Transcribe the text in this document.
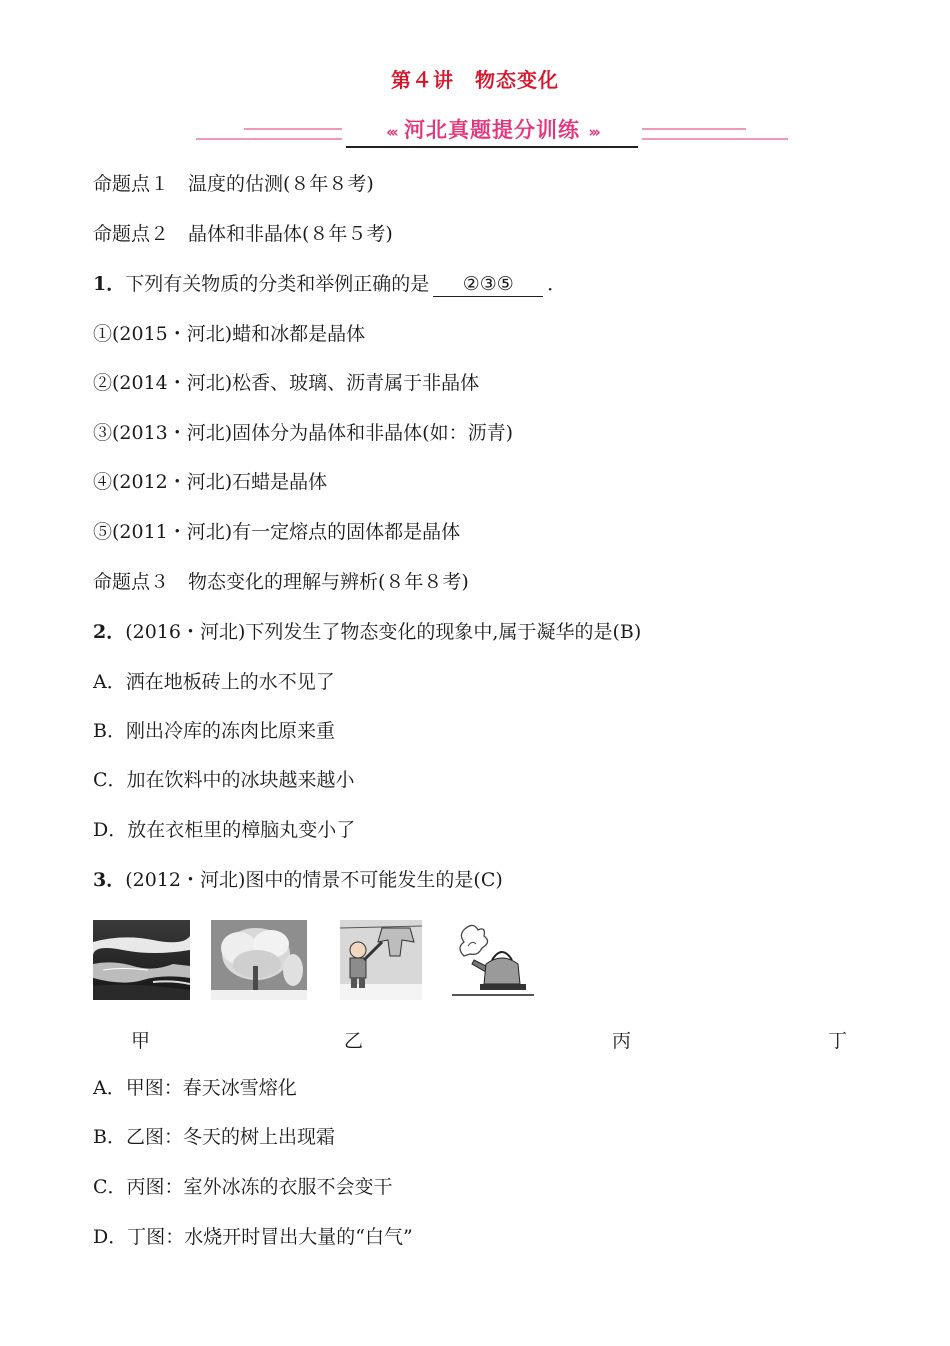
第４讲　物态变化
‹‹‹ 河北真题提分训练 ›››
命题点１　温度的估测(８年８考)
命题点２　晶体和非晶体(８年５考)
1．下列有关物质的分类和举例正确的是 ②③⑤ ．
①(2015・河北)蜡和冰都是晶体
②(2014・河北)松香、玻璃、沥青属于非晶体
③(2013・河北)固体分为晶体和非晶体(如：沥青)
④(2012・河北)石蜡是晶体
⑤(2011・河北)有一定熔点的固体都是晶体
命题点３　物态变化的理解与辨析(８年８考)
2．(2016・河北)下列发生了物态变化的现象中,属于凝华的是(B)
A．洒在地板砖上的水不见了
B．刚出冷库的冻肉比原来重
C．加在饮料中的冰块越来越小
D．放在衣柜里的樟脑丸变小了
3．(2012・河北)图中的情景不可能发生的是(C)
甲	乙	丙	丁
A．甲图：春天冰雪熔化
B．乙图：冬天的树上出现霜
C．丙图：室外冰冻的衣服不会变干
D．丁图：水烧开时冒出大量的“白气”
